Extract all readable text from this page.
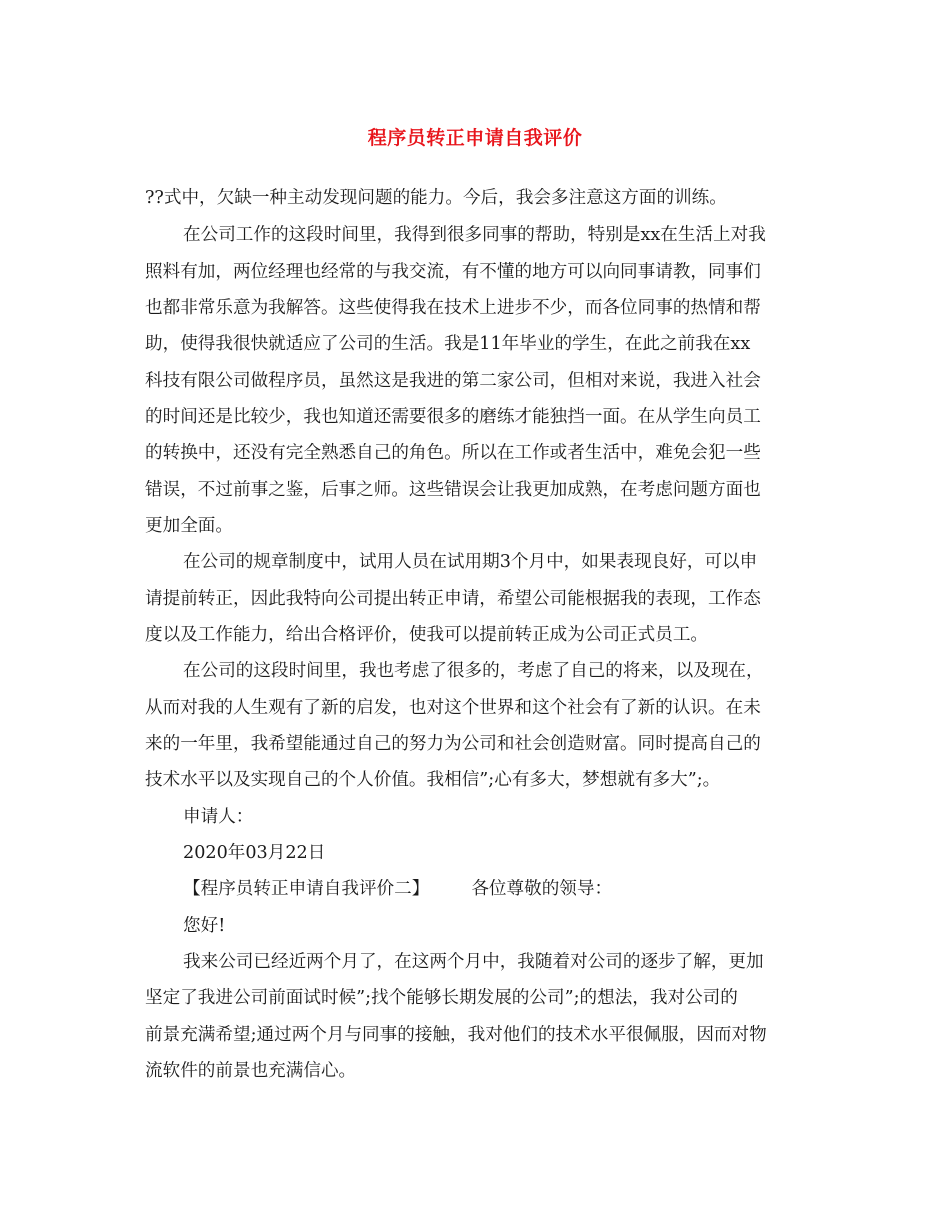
程序员转正申请自我评价
??式中，欠缺一种主动发现问题的能力。今后，我会多注意这方面的训练。
在公司工作的这段时间里，我得到很多同事的帮助，特别是xx在生活上对我
照料有加，两位经理也经常的与我交流，有不懂的地方可以向同事请教，同事们
也都非常乐意为我解答。这些使得我在技术上进步不少，而各位同事的热情和帮
助，使得我很快就适应了公司的生活。我是11年毕业的学生，在此之前我在xx
科技有限公司做程序员，虽然这是我进的第二家公司，但相对来说，我进入社会
的时间还是比较少，我也知道还需要很多的磨练才能独挡一面。在从学生向员工
的转换中，还没有完全熟悉自己的角色。所以在工作或者生活中，难免会犯一些
错误，不过前事之鉴，后事之师。这些错误会让我更加成熟，在考虑问题方面也
更加全面。
在公司的规章制度中，试用人员在试用期3个月中，如果表现良好，可以申
请提前转正，因此我特向公司提出转正申请，希望公司能根据我的表现，工作态
度以及工作能力，给出合格评价，使我可以提前转正成为公司正式员工。
在公司的这段时间里，我也考虑了很多的，考虑了自己的将来，以及现在，
从而对我的人生观有了新的启发，也对这个世界和这个社会有了新的认识。在未
来的一年里，我希望能通过自己的努力为公司和社会创造财富。同时提高自己的
技术水平以及实现自己的个人价值。我相信”;心有多大，梦想就有多大”;。
申请人：
2020年03月22日
【程序员转正申请自我评价二】 各位尊敬的领导：
您好!
我来公司已经近两个月了，在这两个月中，我随着对公司的逐步了解，更加
坚定了我进公司前面试时候”;找个能够长期发展的公司”;的想法，我对公司的
前景充满希望;通过两个月与同事的接触，我对他们的技术水平很佩服，因而对物
流软件的前景也充满信心。
